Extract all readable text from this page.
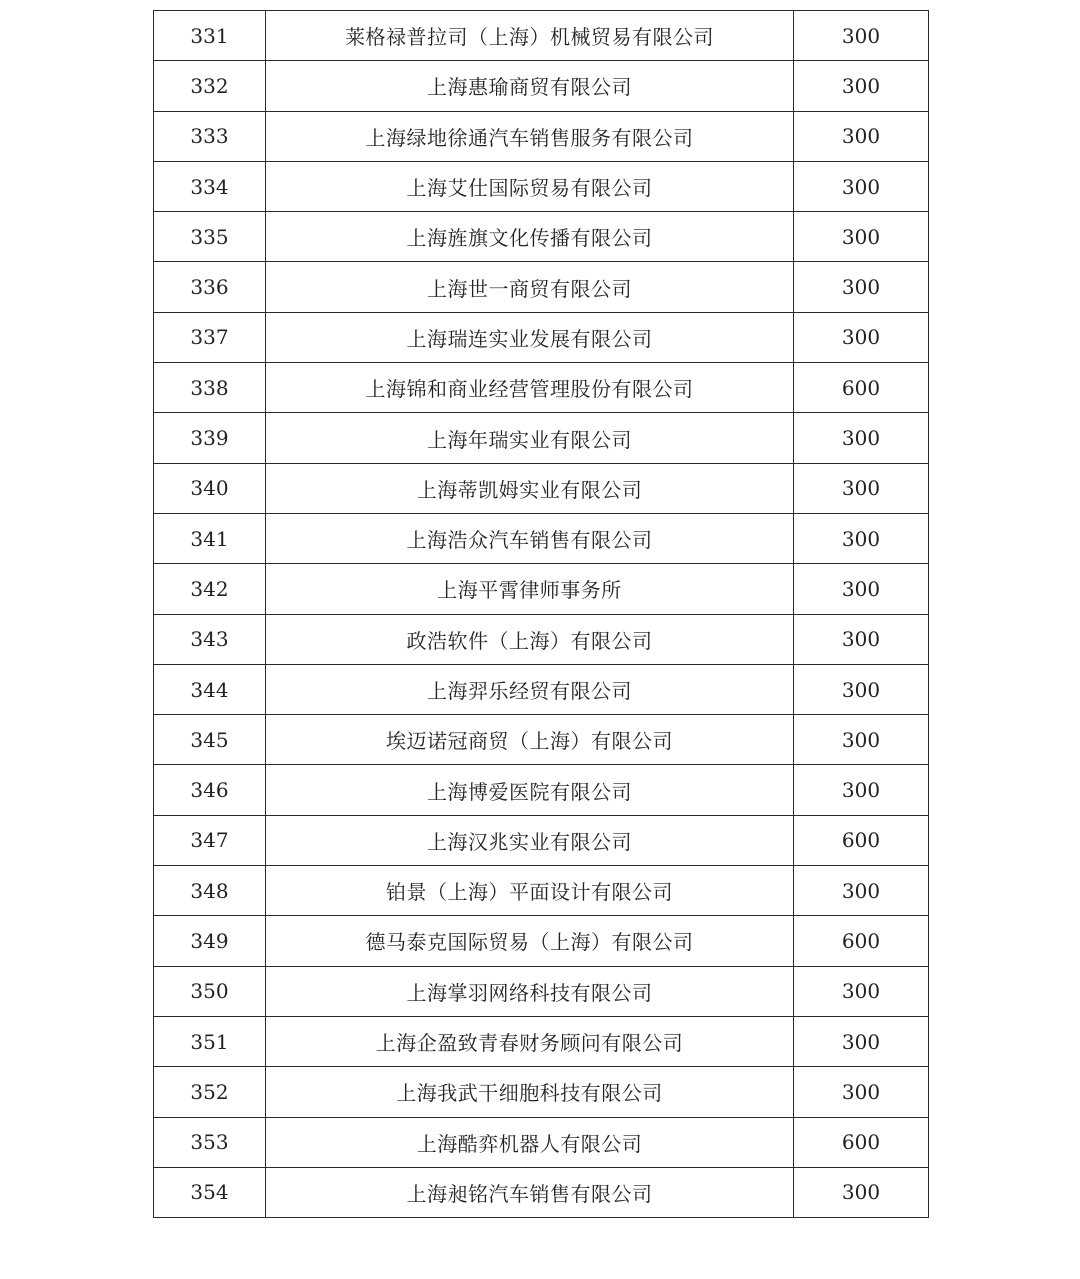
331	莱格禄普拉司（上海）机械贸易有限公司	300
332	上海惠瑜商贸有限公司	300
333	上海绿地徐通汽车销售服务有限公司	300
334	上海艾仕国际贸易有限公司	300
335	上海旌旗文化传播有限公司	300
336	上海世一商贸有限公司	300
337	上海瑞连实业发展有限公司	300
338	上海锦和商业经营管理股份有限公司	600
339	上海年瑞实业有限公司	300
340	上海蒂凯姆实业有限公司	300
341	上海浩众汽车销售有限公司	300
342	上海平霄律师事务所	300
343	政浩软件（上海）有限公司	300
344	上海羿乐经贸有限公司	300
345	埃迈诺冠商贸（上海）有限公司	300
346	上海博爱医院有限公司	300
347	上海汉兆实业有限公司	600
348	铂景（上海）平面设计有限公司	300
349	德马泰克国际贸易（上海）有限公司	600
350	上海掌羽网络科技有限公司	300
351	上海企盈致青春财务顾问有限公司	300
352	上海我武干细胞科技有限公司	300
353	上海酷弈机器人有限公司	600
354	上海昶铭汽车销售有限公司	300
